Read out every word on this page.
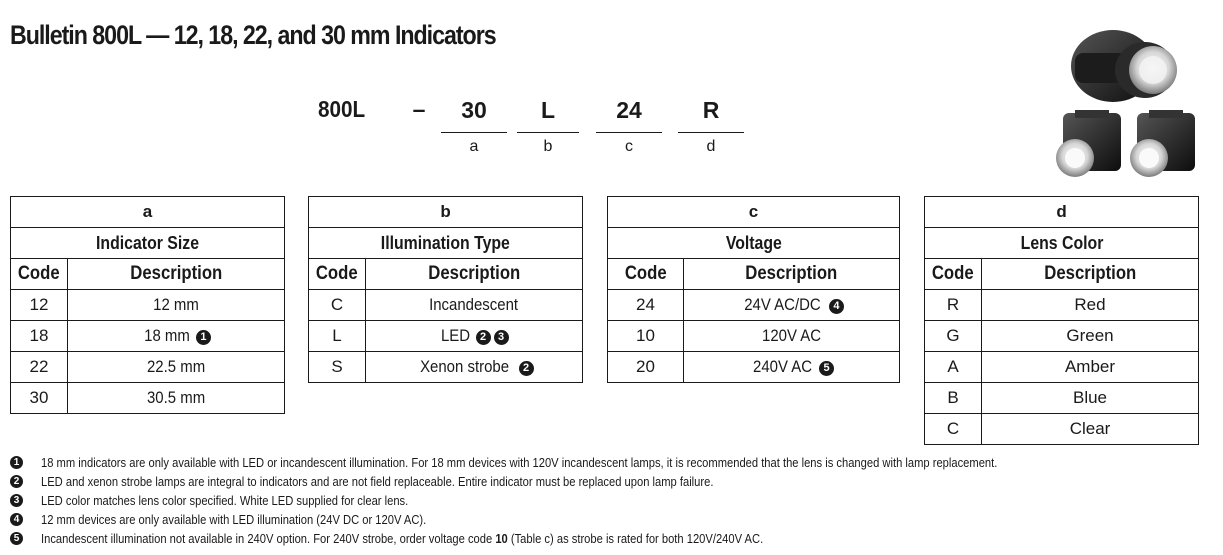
Bulletin 800L — 12, 18, 22, and 30 mm Indicators
800L	–	30	L	24	R
a	b	c	d
a	
Indicator Size	
Code	Description
12	12 mm
18	18 mm 1
22	22.5 mm
30	30.5 mm
b	
Illumination Type	
Code	Description
C	Incandescent
L	LED 2 3
S	Xenon strobe 2
c	
Voltage	
Code	Description
24	24V AC/DC 4
10	120V AC
20	240V AC 5
d	
Lens Color	
Code	Description
R	Red
G	Green
A	Amber
B	Blue
C	Clear
1 18 mm indicators are only available with LED or incandescent illumination. For 18 mm devices with 120V incandescent lamps, it is recommended that the lens is changed with lamp replacement.
2 LED and xenon strobe lamps are integral to indicators and are not field replaceable. Entire indicator must be replaced upon lamp failure.
3 LED color matches lens color specified. White LED supplied for clear lens.
4 12 mm devices are only available with LED illumination (24V DC or 120V AC).
5 Incandescent illumination not available in 240V option. For 240V strobe, order voltage code 10 (Table c) as strobe is rated for both 120V/240V AC.
